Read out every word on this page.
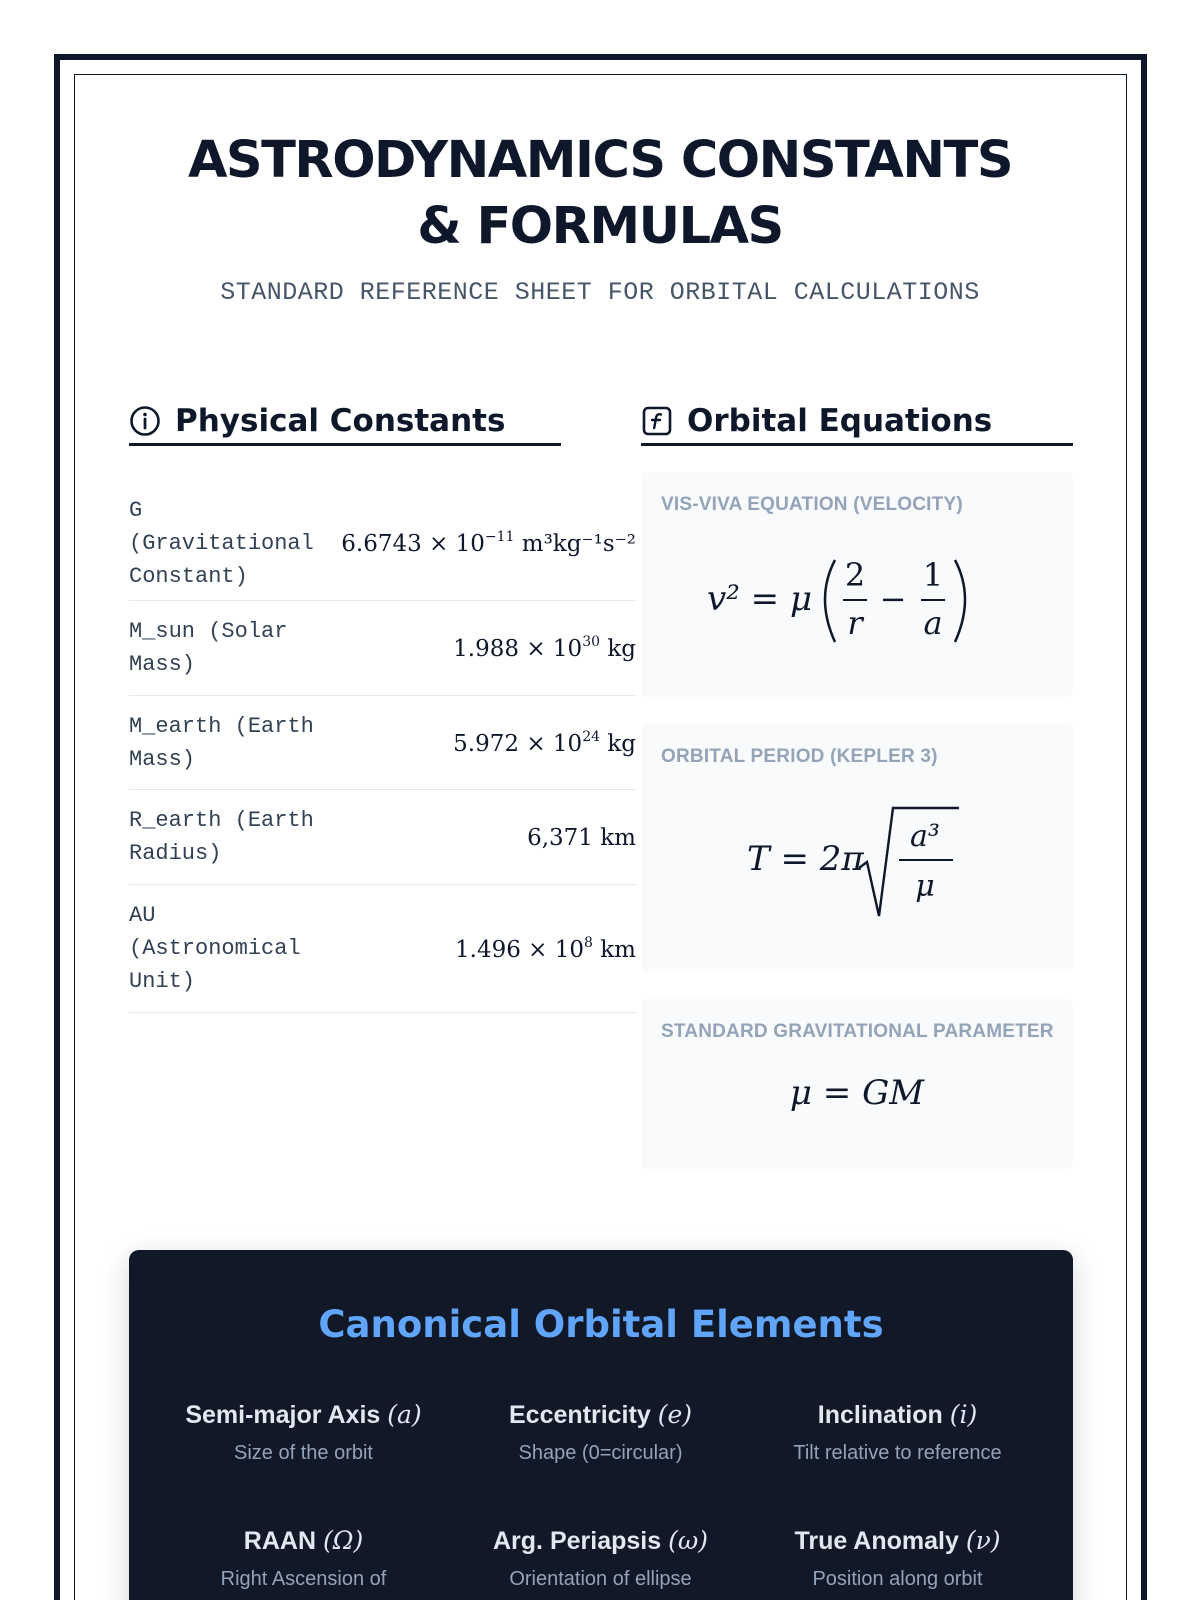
ASTRODYNAMICS CONSTANTS
& FORMULAS
STANDARD REFERENCE SHEET FOR ORBITAL CALCULATIONS
Physical Constants	Orbital Equations
G (Gravitational Constant)
$6.6743 \times 10^{-11}$ m³kg⁻¹s⁻²
M_sun (Solar Mass)
$1.988 \times 10^{30}$ kg
M_earth (Earth Mass)
$5.972 \times 10^{24}$ kg
R_earth (Earth Radius)
6,371 km
AU (Astronomical Unit)
$1.496 \times 10^8$ km
VIS-VIVA EQUATION (VELOCITY)
v² = μ
2
r
−
1
a
ORBITAL PERIOD (KEPLER 3)
T = 2π
a³
μ
STANDARD GRAVITATIONAL PARAMETER
μ = GM
Canonical Orbital Elements
Semi-major Axis (a)
Size of the orbit
Eccentricity (e)
Shape (0=circular)
Inclination (i)
Tilt relative to reference
RAAN (Ω)
Right Ascension of
Arg. Periapsis (ω)
Orientation of ellipse
True Anomaly (ν)
Position along orbit
